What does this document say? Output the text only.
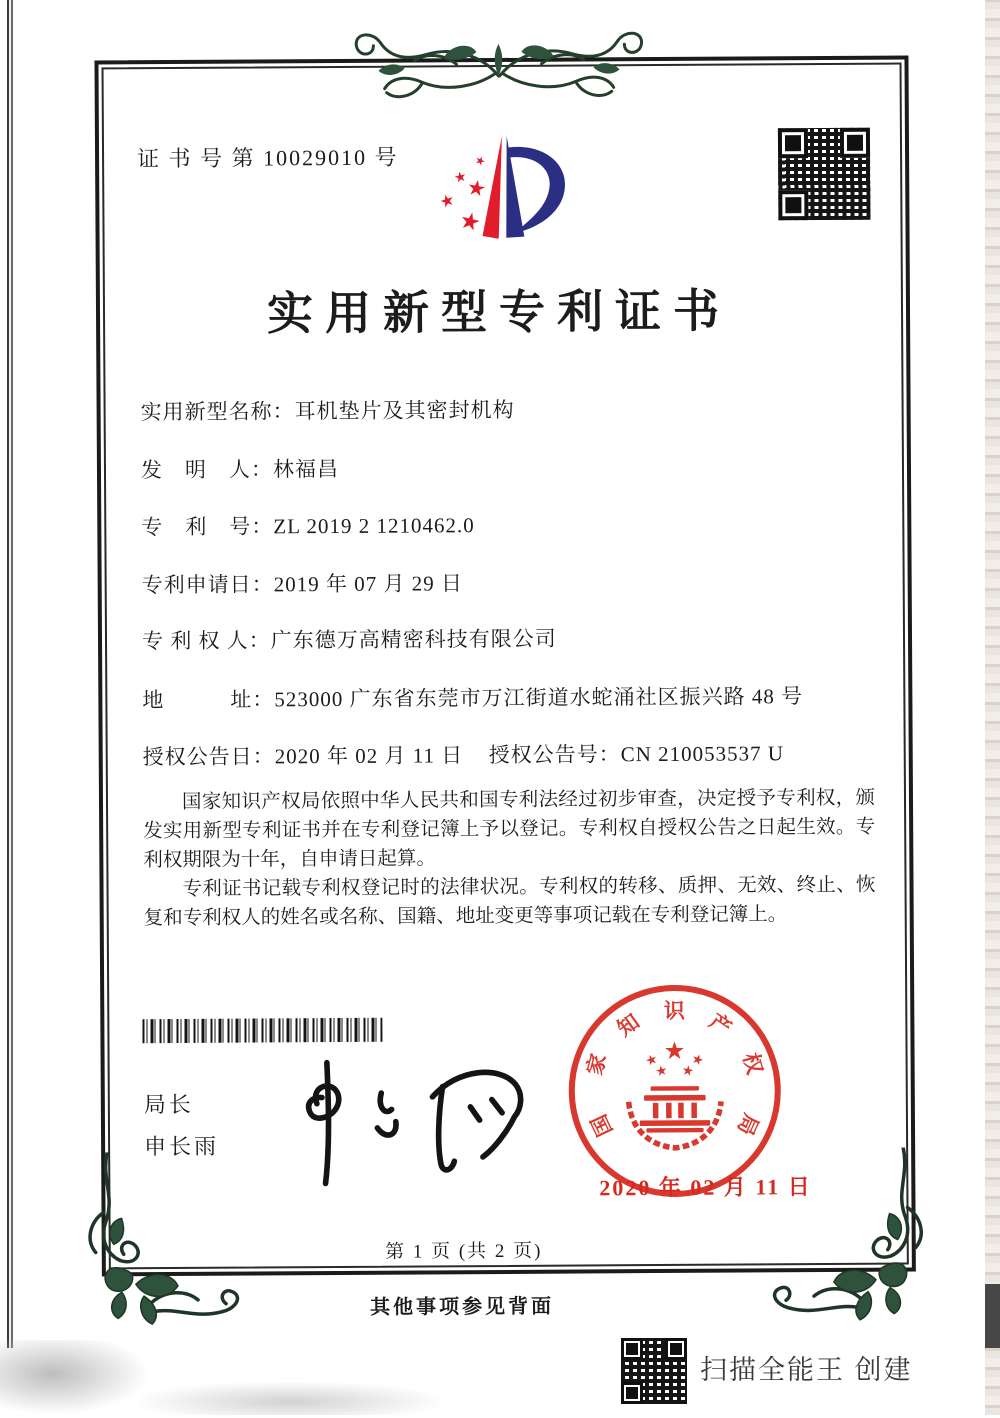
证 书 号 第 10029010 号
实用新型专利证书
实用新型名称：耳机垫片及其密封机构
发　明　人：林福昌
专　利　号：ZL 2019 2 1210462.0
专利申请日：2019 年 07 月 29 日
专 利 权 人：广东德万高精密科技有限公司
地　　　址：523000 广东省东莞市万江街道水蛇涌社区振兴路 48 号
授权公告日：2020 年 02 月 11 日 授权公告号：CN 210053537 U

国家知识产权局依照中华人民共和国专利法经过初步审查，决定授予专利权，颁发实用新型专利证书并在专利登记簿上予以登记。专利权自授权公告之日起生效。专利权期限为十年，自申请日起算。

专利证书记载专利权登记时的法律状况。专利权的转移、质押、无效、终止、恢复和专利权人的姓名或名称、国籍、地址变更等事项记载在专利登记簿上。

局长
申长雨
国
家
知 识 产
权
局
2020 年 02 月 11 日
第 1 页 (共 2 页)
其他事项参见背面
扫描全能王 创建
